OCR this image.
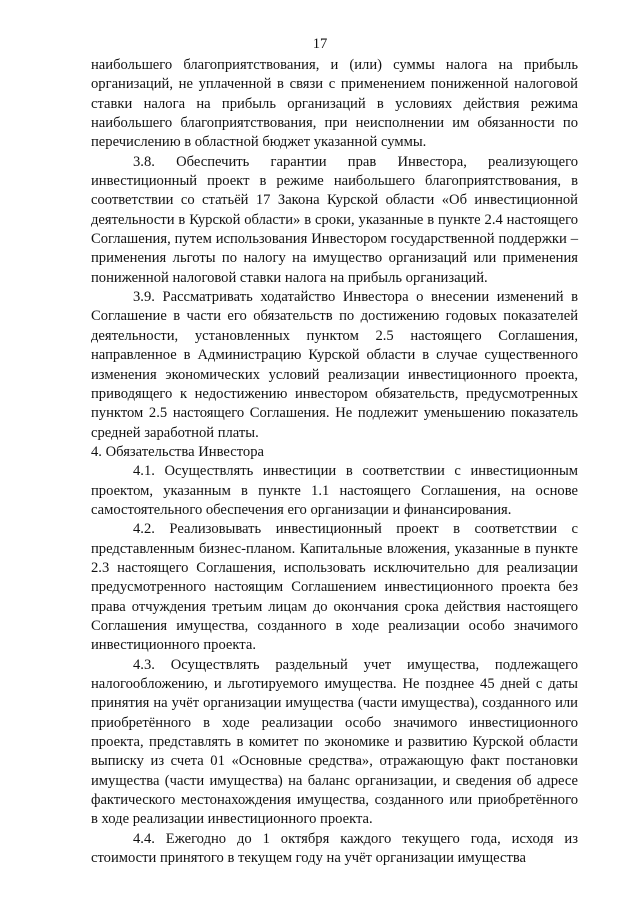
17

наибольшего благоприятствования, и (или) суммы налога на прибыль организаций, не уплаченной в связи с применением пониженной налоговой ставки налога на прибыль организаций в условиях действия режима наибольшего благоприятствования, при неисполнении им обязанности по перечислению в областной бюджет указанной суммы.

3.8. Обеспечить гарантии прав Инвестора, реализующего инвестиционный проект в режиме наибольшего благоприятствования, в соответствии со статьёй 17 Закона Курской области «Об инвестиционной деятельности в Курской области» в сроки, указанные в пункте 2.4 настоящего Соглашения, путем использования Инвестором государственной поддержки – применения льготы по налогу на имущество организаций или применения пониженной налоговой ставки налога на прибыль организаций.

3.9. Рассматривать ходатайство Инвестора о внесении изменений в Соглашение в части его обязательств по достижению годовых показателей деятельности, установленных пунктом 2.5 настоящего Соглашения, направленное в Администрацию Курской области в случае существенного изменения экономических условий реализации инвестиционного проекта, приводящего к недостижению инвестором обязательств, предусмотренных пунктом 2.5 настоящего Соглашения. Не подлежит уменьшению показатель средней заработной платы.

4. Обязательства Инвестора

4.1. Осуществлять инвестиции в соответствии с инвестиционным проектом, указанным в пункте 1.1 настоящего Соглашения, на основе самостоятельного обеспечения его организации и финансирования.

4.2. Реализовывать инвестиционный проект в соответствии с представленным бизнес-планом. Капитальные вложения, указанные в пункте 2.3 настоящего Соглашения, использовать исключительно для реализации предусмотренного настоящим Соглашением инвестиционного проекта без права отчуждения третьим лицам до окончания срока действия настоящего Соглашения имущества, созданного в ходе реализации особо значимого инвестиционного проекта.

4.3. Осуществлять раздельный учет имущества, подлежащего налогообложению, и льготируемого имущества. Не позднее 45 дней с даты принятия на учёт организации имущества (части имущества), созданного или приобретённого в ходе реализации особо значимого инвестиционного проекта, представлять в комитет по экономике и развитию Курской области выписку из счета 01 «Основные средства», отражающую факт постановки имущества (части имущества) на баланс организации, и сведения об адресе фактического местонахождения имущества, созданного или приобретённого в ходе реализации инвестиционного проекта.

4.4. Ежегодно до 1 октября каждого текущего года, исходя из стоимости принятого в текущем году на учёт организации имущества
